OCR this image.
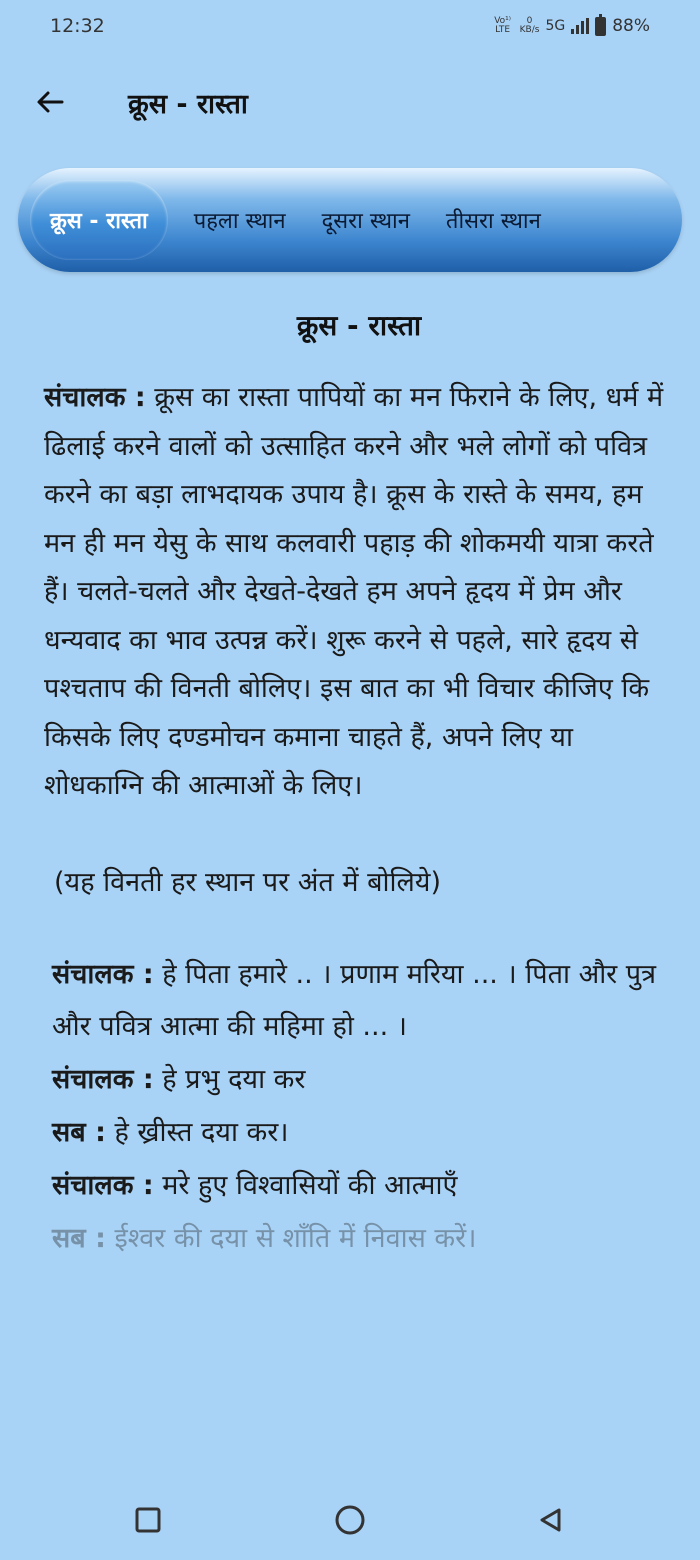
12:32	Vo¹⁾ LTE
0
KB/s 5G	88%
क्रूस - रास्ता
क्रूस - रास्ता	पहला स्थान	दूसरा स्थान	तीसरा स्थान
क्रूस - रास्ता

संचालक : क्रूस का रास्ता पापियों का मन फिराने के लिए, धर्म में ढिलाई करने वालों को उत्साहित करने और भले लोगों को पवित्र करने का बड़ा लाभदायक उपाय है। क्रूस के रास्ते के समय, हम मन ही मन येसु के साथ कलवारी पहाड़ की शोकमयी यात्रा करते हैं। चलते-चलते और देखते-देखते हम अपने हृदय में प्रेम और धन्यवाद का भाव उत्पन्न करें। शुरू करने से पहले, सारे हृदय से पश्चताप की विनती बोलिए। इस बात का भी विचार कीजिए कि किसके लिए दण्डमोचन कमाना चाहते हैं, अपने लिए या शोधकाग्नि की आत्माओं के लिए।

(यह विनती हर स्थान पर अंत में बोलिये)

संचालक : हे पिता हमारे .. । प्रणाम मरिया ... । पिता और पुत्र और पवित्र आत्मा की महिमा हो ... ।

संचालक : हे प्रभु दया कर

सब : हे ख्रीस्त दया कर।

संचालक : मरे हुए विश्वासियों की आत्माएँ

सब : ईश्वर की दया से शाँति में निवास करें।
